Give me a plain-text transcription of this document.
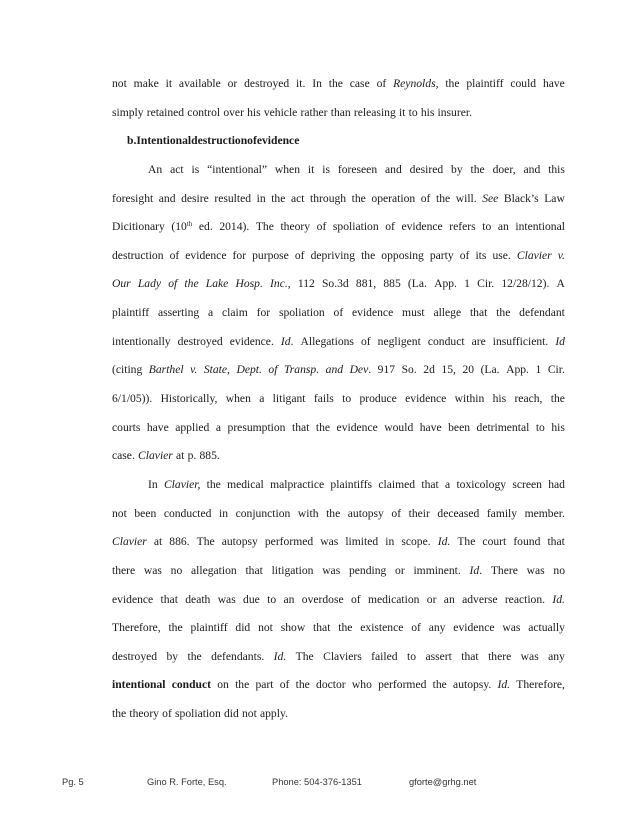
not make it available or destroyed it. In the case of Reynolds, the plaintiff could have
simply retained control over his vehicle rather than releasing it to his insurer.
b. Intentional destruction of evidence
An act is “intentional” when it is foreseen and desired by the doer, and this
foresight and desire resulted in the act through the operation of the will. See Black’s Law
Dicitionary (10th ed. 2014). The theory of spoliation of evidence refers to an intentional
destruction of evidence for purpose of depriving the opposing party of its use. Clavier v.
Our Lady of the Lake Hosp. Inc., 112 So.3d 881, 885 (La. App. 1 Cir. 12/28/12). A
plaintiff asserting a claim for spoliation of evidence must allege that the defendant
intentionally destroyed evidence. Id. Allegations of negligent conduct are insufficient. Id
(citing Barthel v. State, Dept. of Transp. and Dev. 917 So. 2d 15, 20 (La. App. 1 Cir.
6/1/05)). Historically, when a litigant fails to produce evidence within his reach, the
courts have applied a presumption that the evidence would have been detrimental to his
case. Clavier at p. 885.
In Clavier, the medical malpractice plaintiffs claimed that a toxicology screen had
not been conducted in conjunction with the autopsy of their deceased family member.
Clavier at 886. The autopsy performed was limited in scope. Id. The court found that
there was no allegation that litigation was pending or imminent. Id. There was no
evidence that death was due to an overdose of medication or an adverse reaction. Id.
Therefore, the plaintiff did not show that the existence of any evidence was actually
destroyed by the defendants. Id. The Claviers failed to assert that there was any
intentional conduct on the part of the doctor who performed the autopsy. Id. Therefore,
the theory of spoliation did not apply.
Pg. 5	Gino R. Forte, Esq.	Phone: 504-376-1351	gforte@grhg.net
